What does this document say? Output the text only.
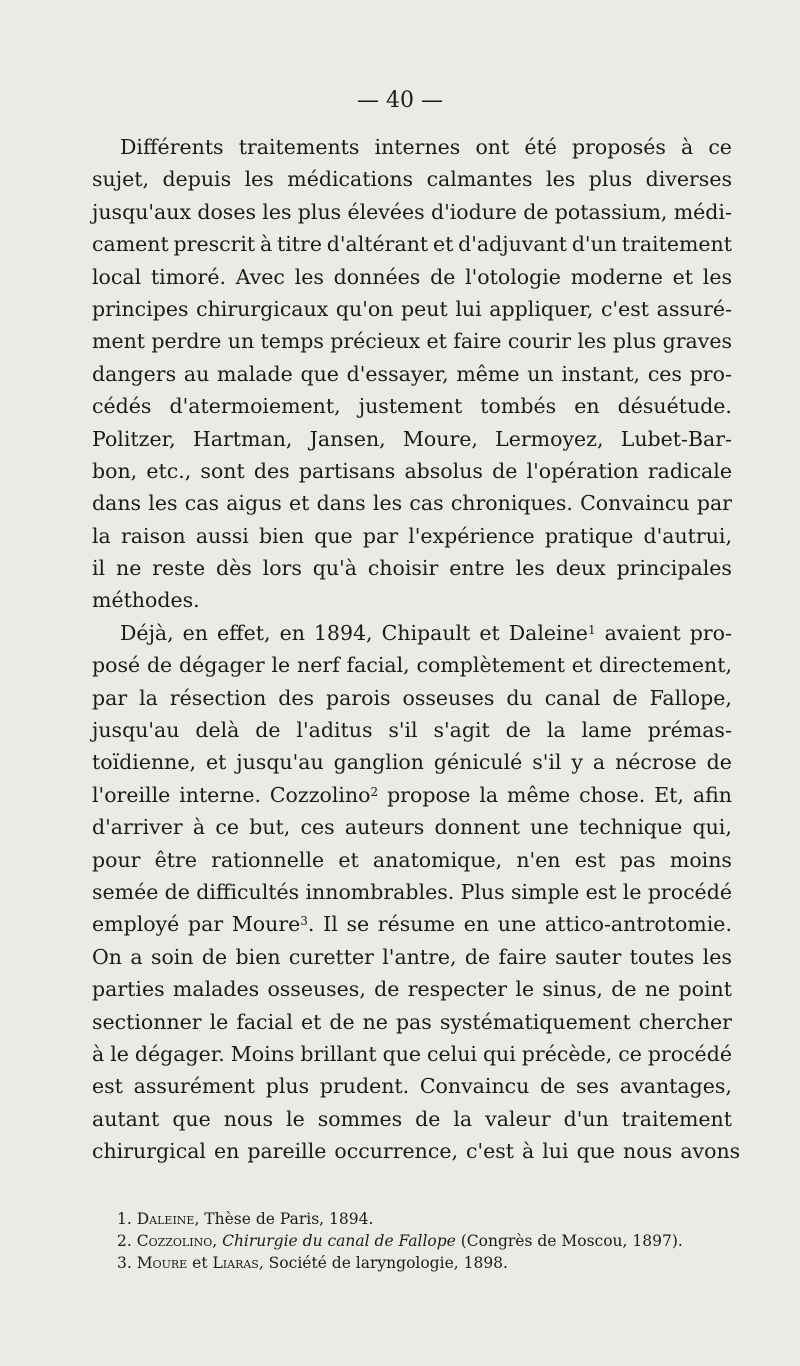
— 40 —
Différents traitements internes ont été proposés à ce
sujet, depuis les médications calmantes les plus diverses
jusqu'aux doses les plus élevées d'iodure de potassium, médi-
cament prescrit à titre d'altérant et d'adjuvant d'un traitement
local timoré. Avec les données de l'otologie moderne et les
principes chirurgicaux qu'on peut lui appliquer, c'est assuré-
ment perdre un temps précieux et faire courir les plus graves
dangers au malade que d'essayer, même un instant, ces pro-
cédés d'atermoiement, justement tombés en désuétude.
Politzer, Hartman, Jansen, Moure, Lermoyez, Lubet-Bar-
bon, etc., sont des partisans absolus de l'opération radicale
dans les cas aigus et dans les cas chroniques. Convaincu par
la raison aussi bien que par l'expérience pratique d'autrui,
il ne reste dès lors qu'à choisir entre les deux principales
méthodes.
Déjà, en effet, en 1894, Chipault et Daleine$^1$ avaient pro-
posé de dégager le nerf facial, complètement et directement,
par la résection des parois osseuses du canal de Fallope,
jusqu'au delà de l'aditus s'il s'agit de la lame prémas-
toïdienne, et jusqu'au ganglion géniculé s'il y a nécrose de
l'oreille interne. Cozzolino$^2$ propose la même chose. Et, afin
d'arriver à ce but, ces auteurs donnent une technique qui,
pour être rationnelle et anatomique, n'en est pas moins
semée de difficultés innombrables. Plus simple est le procédé
employé par Moure$^3$. Il se résume en une attico-antrotomie.
On a soin de bien curetter l'antre, de faire sauter toutes les
parties malades osseuses, de respecter le sinus, de ne point
sectionner le facial et de ne pas systématiquement chercher
à le dégager. Moins brillant que celui qui précède, ce procédé
est assurément plus prudent. Convaincu de ses avantages,
autant que nous le sommes de la valeur d'un traitement
chirurgical en pareille occurrence, c'est à lui que nous avons
1. Daleine, Thèse de Paris, 1894.
2. Cozzolino, Chirurgie du canal de Fallope (Congrès de Moscou, 1897).
3. Moure et Liaras, Société de laryngologie, 1898.
